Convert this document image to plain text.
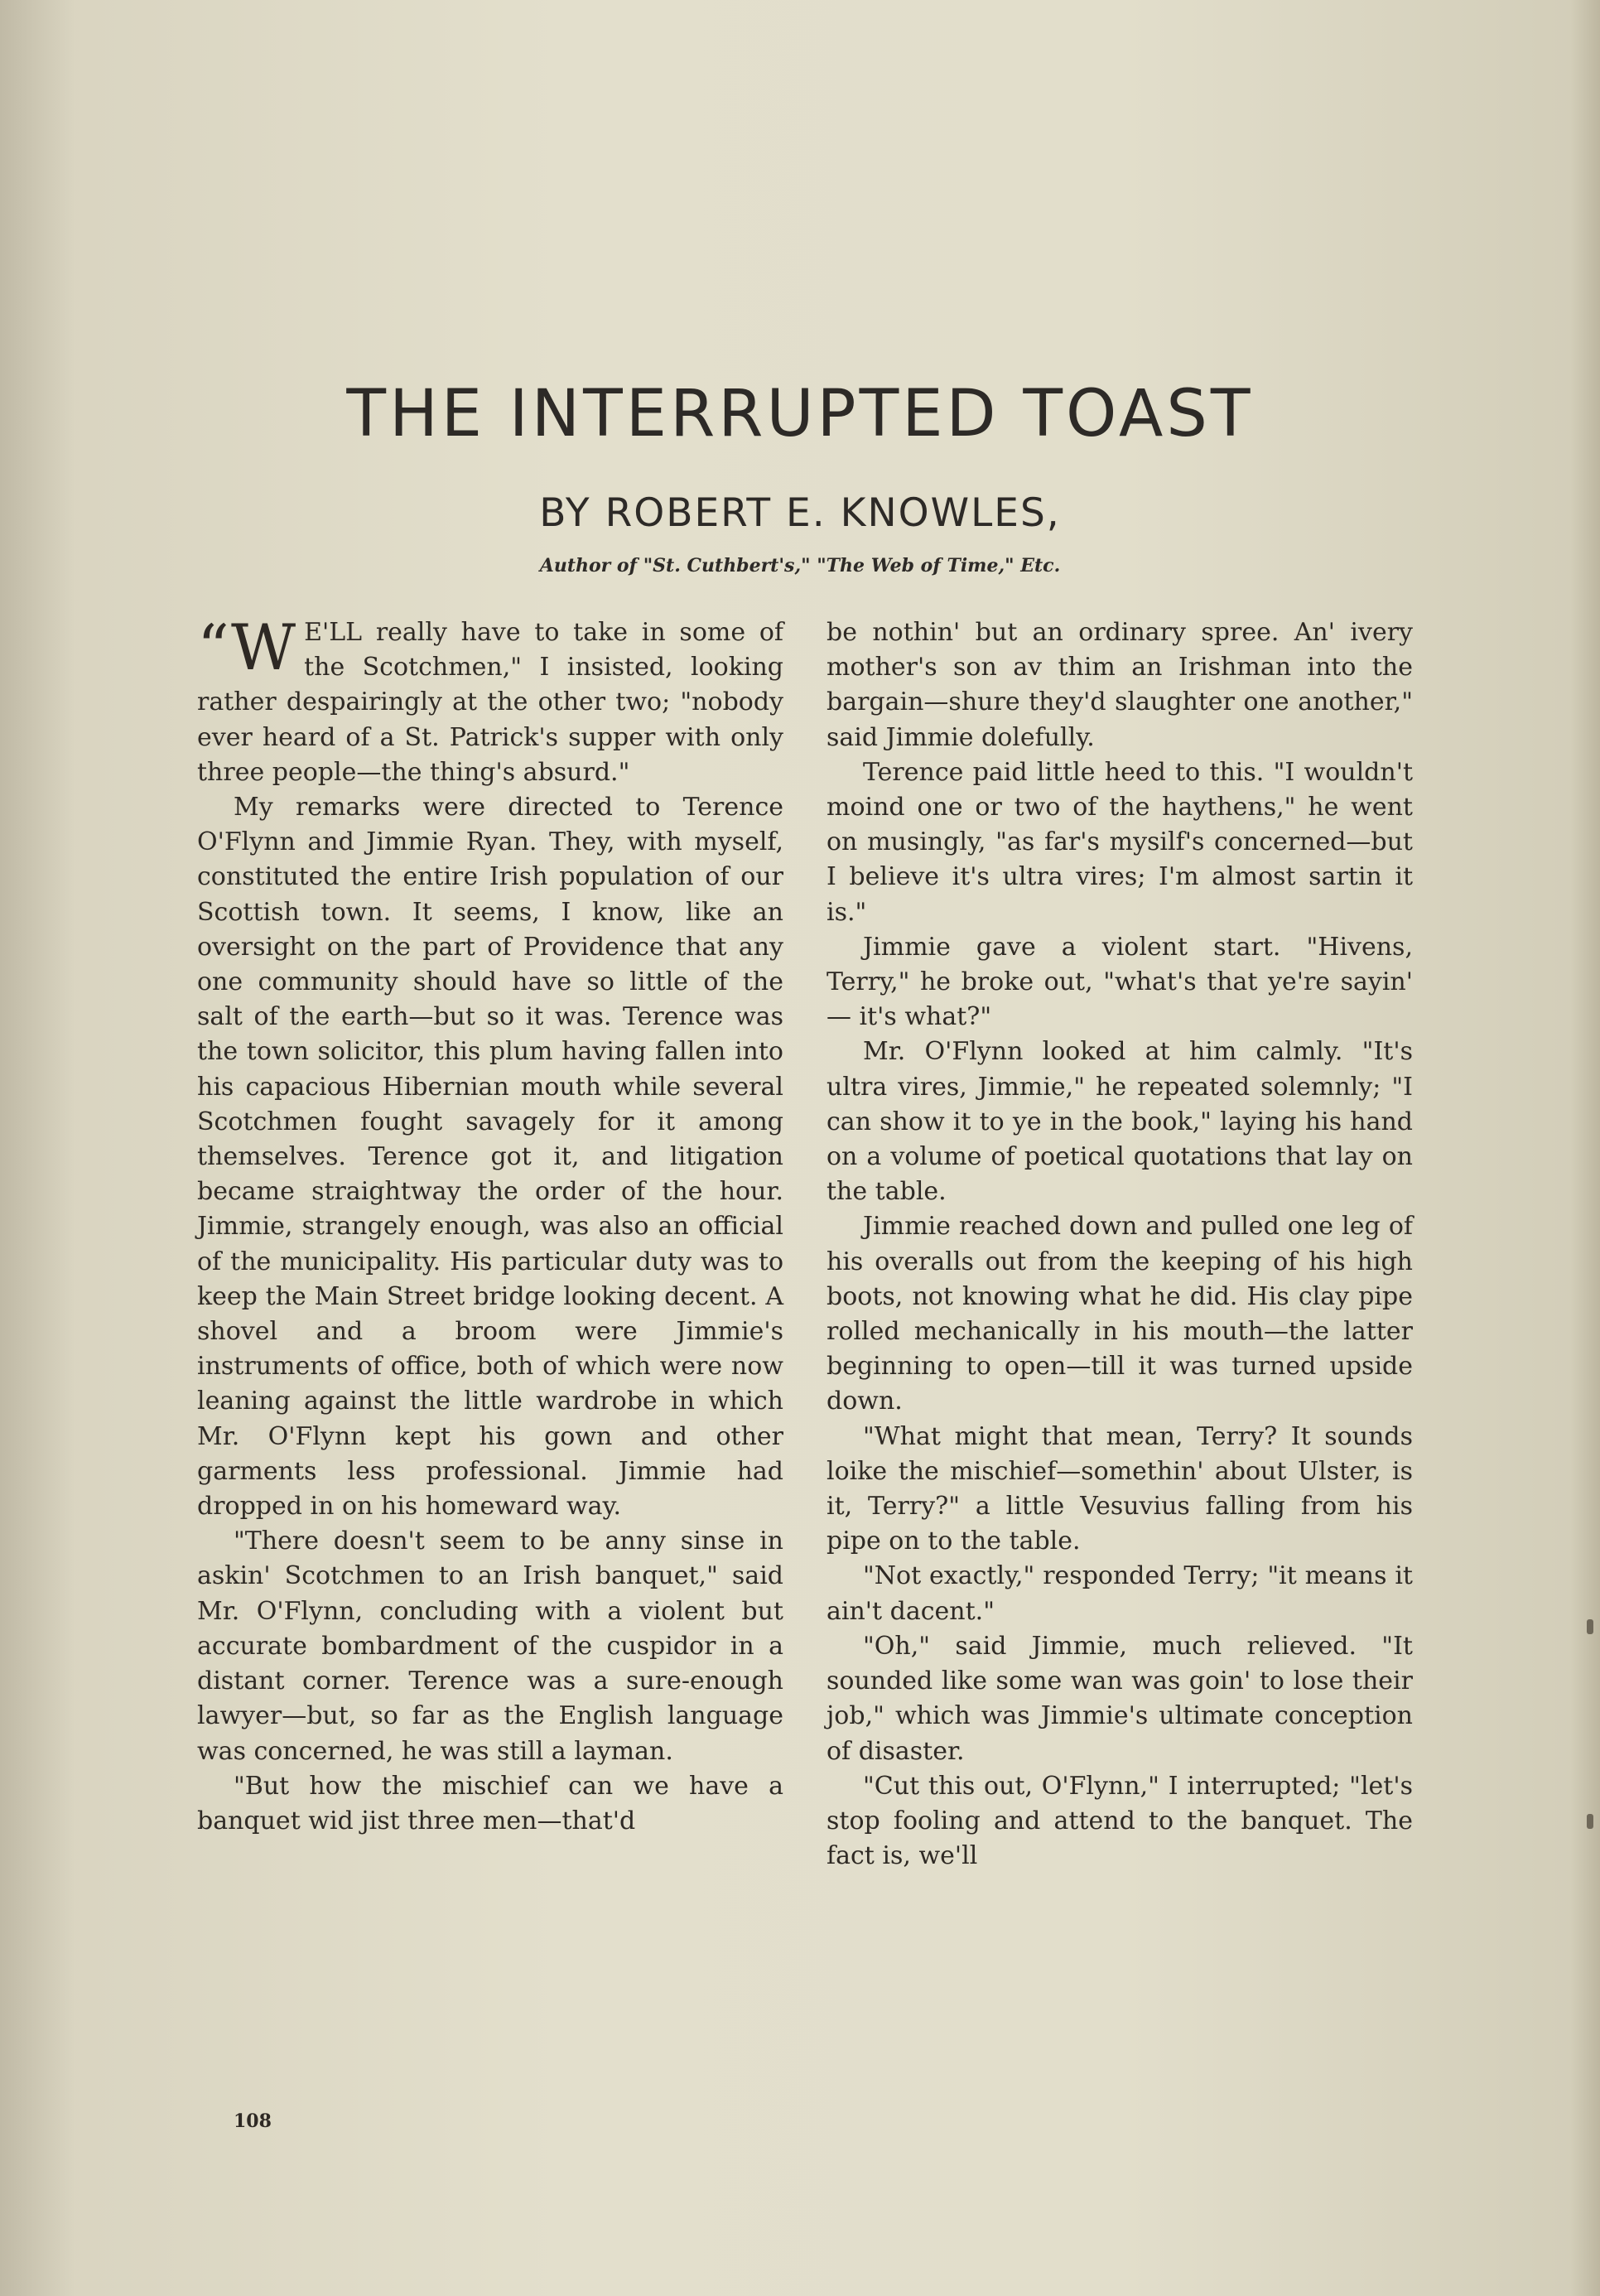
THE INTERRUPTED TOAST
BY ROBERT E. KNOWLES,
Author of "St. Cuthbert's," "The Web of Time," Etc.

“W E'LL really have to take in some of the Scotchmen," I insisted, looking rather despairingly at the other two; "nobody ever heard of a St. Patrick's supper with only three people—the thing's absurd."

My remarks were directed to Terence O'Flynn and Jimmie Ryan. They, with myself, constituted the entire Irish population of our Scottish town. It seems, I know, like an oversight on the part of Providence that any one community should have so little of the salt of the earth—but so it was. Terence was the town solicitor, this plum having fallen into his capacious Hibernian mouth while several Scotchmen fought savagely for it among themselves. Terence got it, and litigation became straightway the order of the hour. Jimmie, strangely enough, was also an official of the municipality. His particular duty was to keep the Main Street bridge looking decent. A shovel and a broom were Jimmie's instruments of office, both of which were now leaning against the little wardrobe in which Mr. O'Flynn kept his gown and other garments less professional. Jimmie had dropped in on his homeward way.

"There doesn't seem to be anny sinse in askin' Scotchmen to an Irish banquet," said Mr. O'Flynn, concluding with a violent but accurate bombardment of the cuspidor in a distant corner. Terence was a sure-enough lawyer—but, so far as the English language was concerned, he was still a layman.

"But how the mischief can we have a banquet wid jist three men—that'd

be nothin' but an ordinary spree. An' ivery mother's son av thim an Irishman into the bargain—shure they'd slaughter one another," said Jimmie dolefully.

Terence paid little heed to this. "I wouldn't moind one or two of the haythens," he went on musingly, "as far's mysilf's concerned—but I believe it's ultra vires; I'm almost sartin it is."

Jimmie gave a violent start. "Hivens, Terry," he broke out, "what's that ye're sayin' — it's what?"

Mr. O'Flynn looked at him calmly. "It's ultra vires, Jimmie," he repeated solemnly; "I can show it to ye in the book," laying his hand on a volume of poetical quotations that lay on the table.

Jimmie reached down and pulled one leg of his overalls out from the keeping of his high boots, not knowing what he did. His clay pipe rolled mechanically in his mouth—the latter beginning to open—till it was turned upside down.

"What might that mean, Terry? It sounds loike the mischief—somethin' about Ulster, is it, Terry?" a little Vesuvius falling from his pipe on to the table.

"Not exactly," responded Terry; "it means it ain't dacent."

"Oh," said Jimmie, much relieved. "It sounded like some wan was goin' to lose their job," which was Jimmie's ultimate conception of disaster.

"Cut this out, O'Flynn," I interrupted; "let's stop fooling and attend to the banquet. The fact is, we'll

108
